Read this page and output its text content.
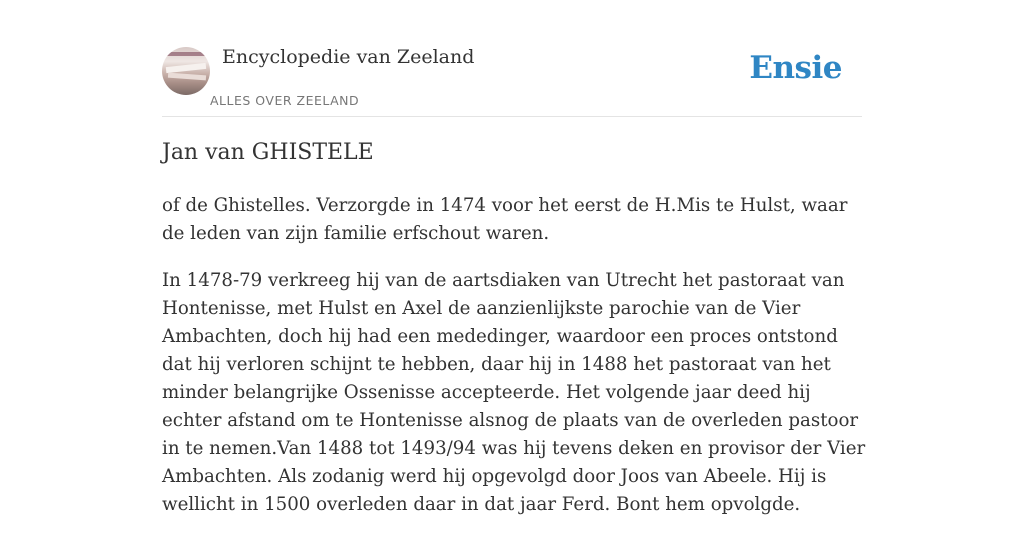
Encyclopedie van Zeeland
ALLES OVER ZEELAND
Ensie
Jan van GHISTELE

of de Ghistelles. Verzorgde in 1474 voor het eerst de H.Mis te Hulst, waar de leden van zijn familie erfschout waren.

In 1478-79 verkreeg hij van de aartsdiaken van Utrecht het pastoraat van Hontenisse, met Hulst en Axel de aanzienlijkste parochie van de Vier Ambachten, doch hij had een mededinger, waardoor een proces ontstond dat hij verloren schijnt te hebben, daar hij in 1488 het pastoraat van het minder belangrijke Ossenisse accepteerde. Het volgende jaar deed hij echter afstand om te Hontenisse alsnog de plaats van de overleden pastoor in te nemen.Van 1488 tot 1493/94 was hij tevens deken en provisor der Vier Ambachten. Als zodanig werd hij opgevolgd door Joos van Abeele. Hij is wellicht in 1500 overleden daar in dat jaar Ferd. Bont hem opvolgde.
